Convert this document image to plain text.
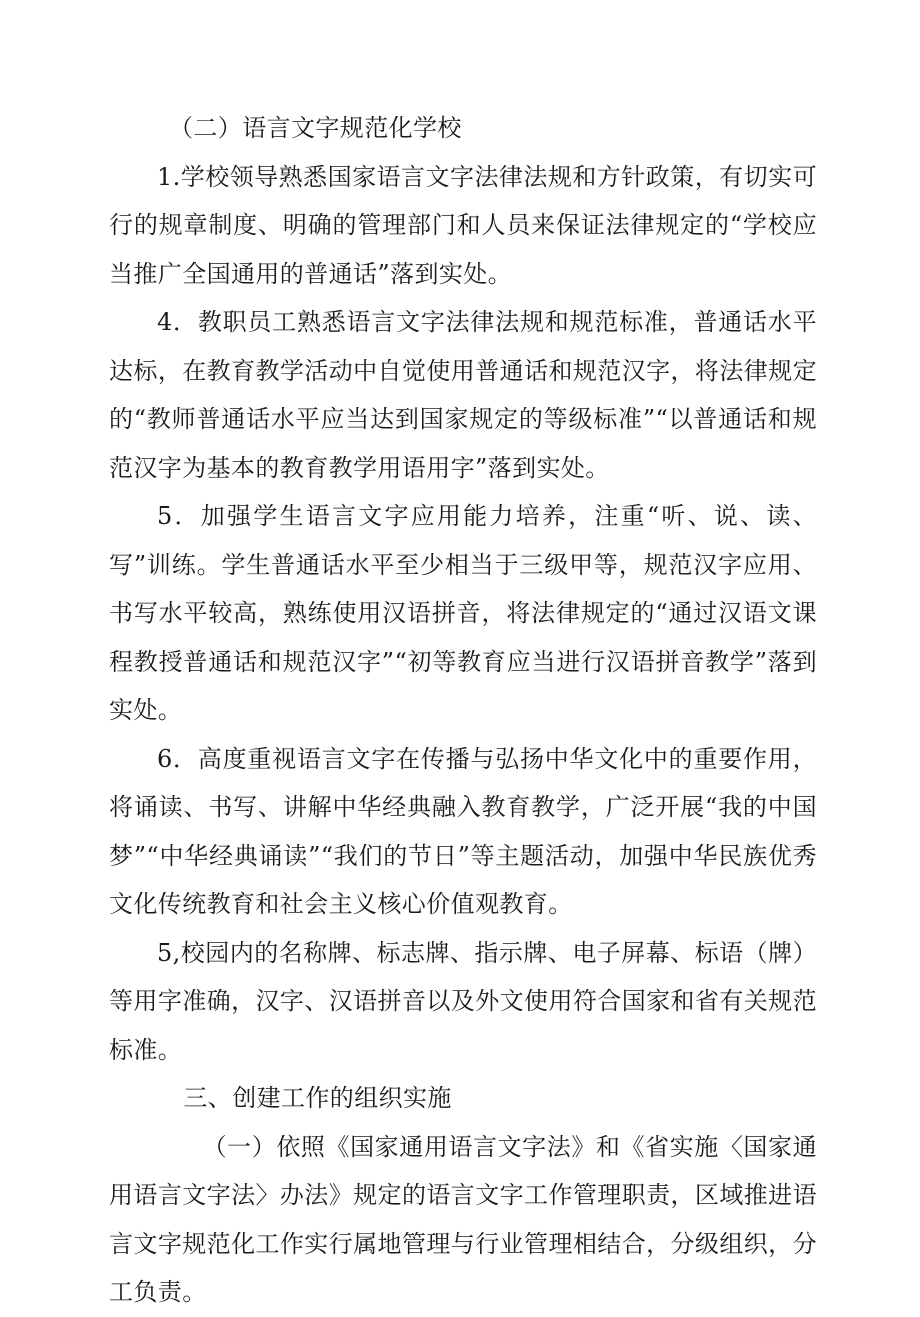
（二）语言文字规范化学校

1.学校领导熟悉国家语言文字法律法规和方针政策，有切实可行的规章制度、明确的管理部门和人员来保证法律规定的“学校应当推广全国通用的普通话”落到实处。

4．教职员工熟悉语言文字法律法规和规范标准，普通话水平达标，在教育教学活动中自觉使用普通话和规范汉字，将法律规定的“教师普通话水平应当达到国家规定的等级标准”“以普通话和规范汉字为基本的教育教学用语用字”落到实处。

5．加强学生语言文字应用能力培养，注重“听、说、读、写”训练。学生普通话水平至少相当于三级甲等，规范汉字应用、书写水平较高，熟练使用汉语拼音，将法律规定的“通过汉语文课程教授普通话和规范汉字”“初等教育应当进行汉语拼音教学”落到实处。

6．高度重视语言文字在传播与弘扬中华文化中的重要作用，将诵读、书写、讲解中华经典融入教育教学，广泛开展“我的中国梦”“中华经典诵读”“我们的节日”等主题活动，加强中华民族优秀文化传统教育和社会主义核心价值观教育。

5,校园内的名称牌、标志牌、指示牌、电子屏幕、标语（牌）等用字准确，汉字、汉语拼音以及外文使用符合国家和省有关规范标准。

三、创建工作的组织实施

（一）依照《国家通用语言文字法》和《省实施〈国家通用语言文字法〉办法》规定的语言文字工作管理职责，区域推进语言文字规范化工作实行属地管理与行业管理相结合，分级组织，分工负责。
